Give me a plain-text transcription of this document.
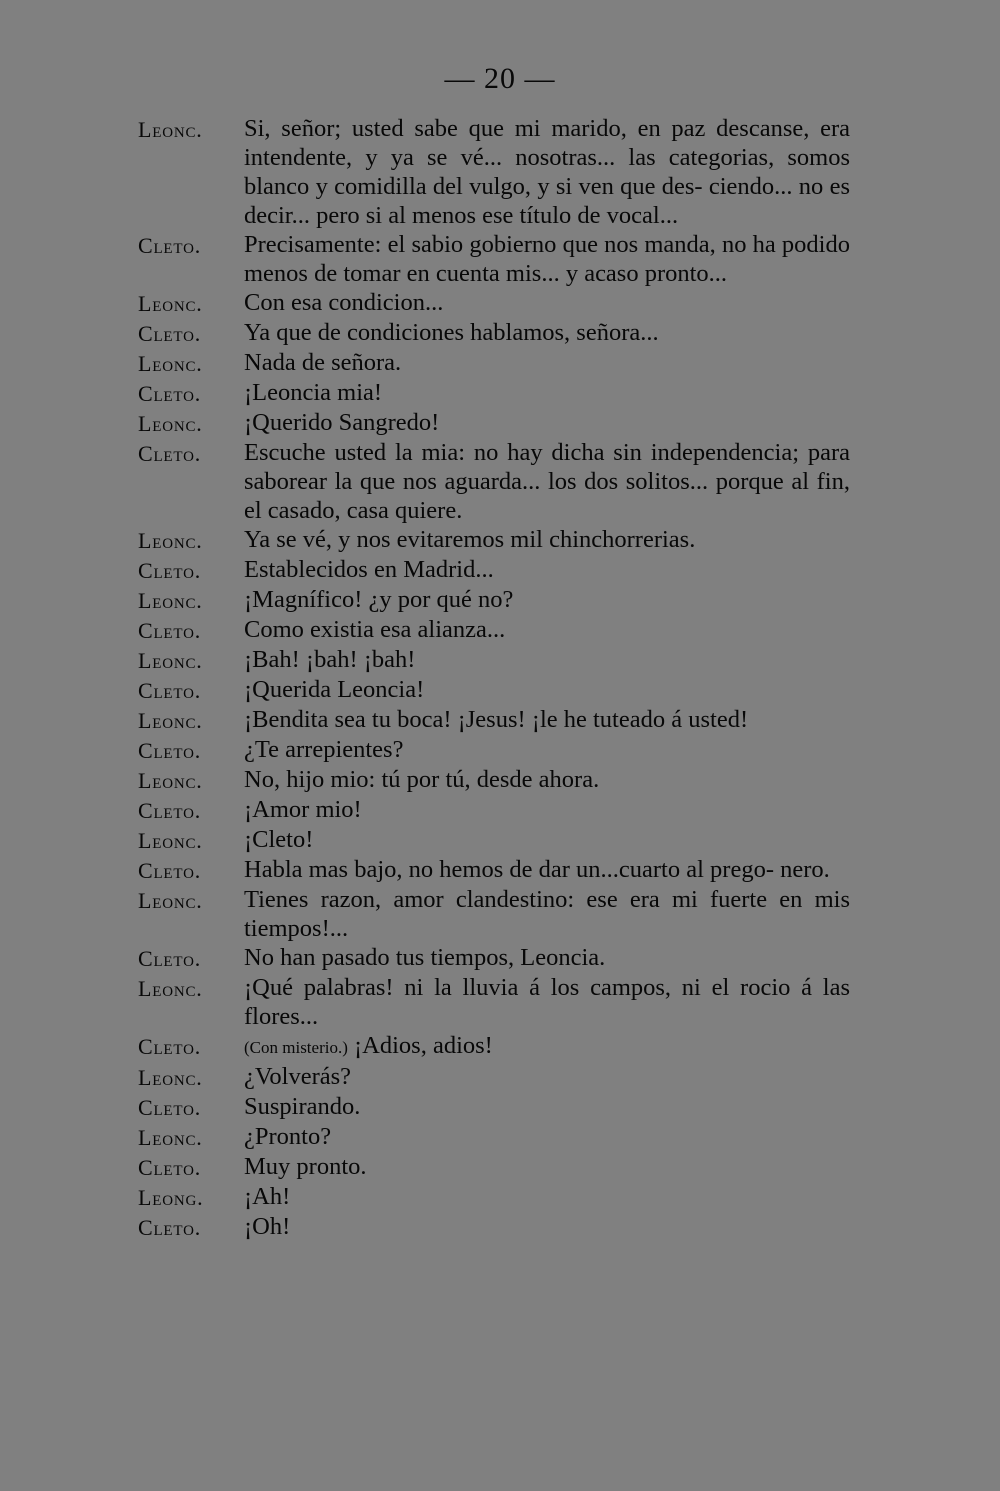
— 20 —
Leonc.	Si, señor; usted sabe que mi marido, en paz descanse, era intendente, y ya se vé... nosotras... las categorias, somos blanco y comidilla del vulgo, y si ven que des- ciendo... no es decir... pero si al menos ese título de vocal...
Cleto.	Precisamente: el sabio gobierno que nos manda, no ha podido menos de tomar en cuenta mis... y acaso pronto...
Leonc.	Con esa condicion...
Cleto.	Ya que de condiciones hablamos, señora...
Leonc.	Nada de señora.
Cleto.	¡Leoncia mia!
Leonc.	¡Querido Sangredo!
Cleto.	Escuche usted la mia: no hay dicha sin independencia; para saborear la que nos aguarda... los dos solitos... porque al fin, el casado, casa quiere.
Leonc.	Ya se vé, y nos evitaremos mil chinchorrerias.
Cleto.	Establecidos en Madrid...
Leonc.	¡Magnífico! ¿y por qué no?
Cleto.	Como existia esa alianza...
Leonc.	¡Bah! ¡bah! ¡bah!
Cleto.	¡Querida Leoncia!
Leonc.	¡Bendita sea tu boca! ¡Jesus! ¡le he tuteado á usted!
Cleto.	¿Te arrepientes?
Leonc.	No, hijo mio: tú por tú, desde ahora.
Cleto.	¡Amor mio!
Leonc.	¡Cleto!
Cleto.	Habla mas bajo, no hemos de dar un...cuarto al prego- nero.
Leonc.	Tienes razon, amor clandestino: ese era mi fuerte en mis tiempos!...
Cleto.	No han pasado tus tiempos, Leoncia.
Leonc.	¡Qué palabras! ni la lluvia á los campos, ni el rocio á las flores...
Cleto.	(Con misterio.) ¡Adios, adios!
Leonc.	¿Volverás?
Cleto.	Suspirando.
Leonc.	¿Pronto?
Cleto.	Muy pronto.
Leong.	¡Ah!
Cleto.	¡Oh!
